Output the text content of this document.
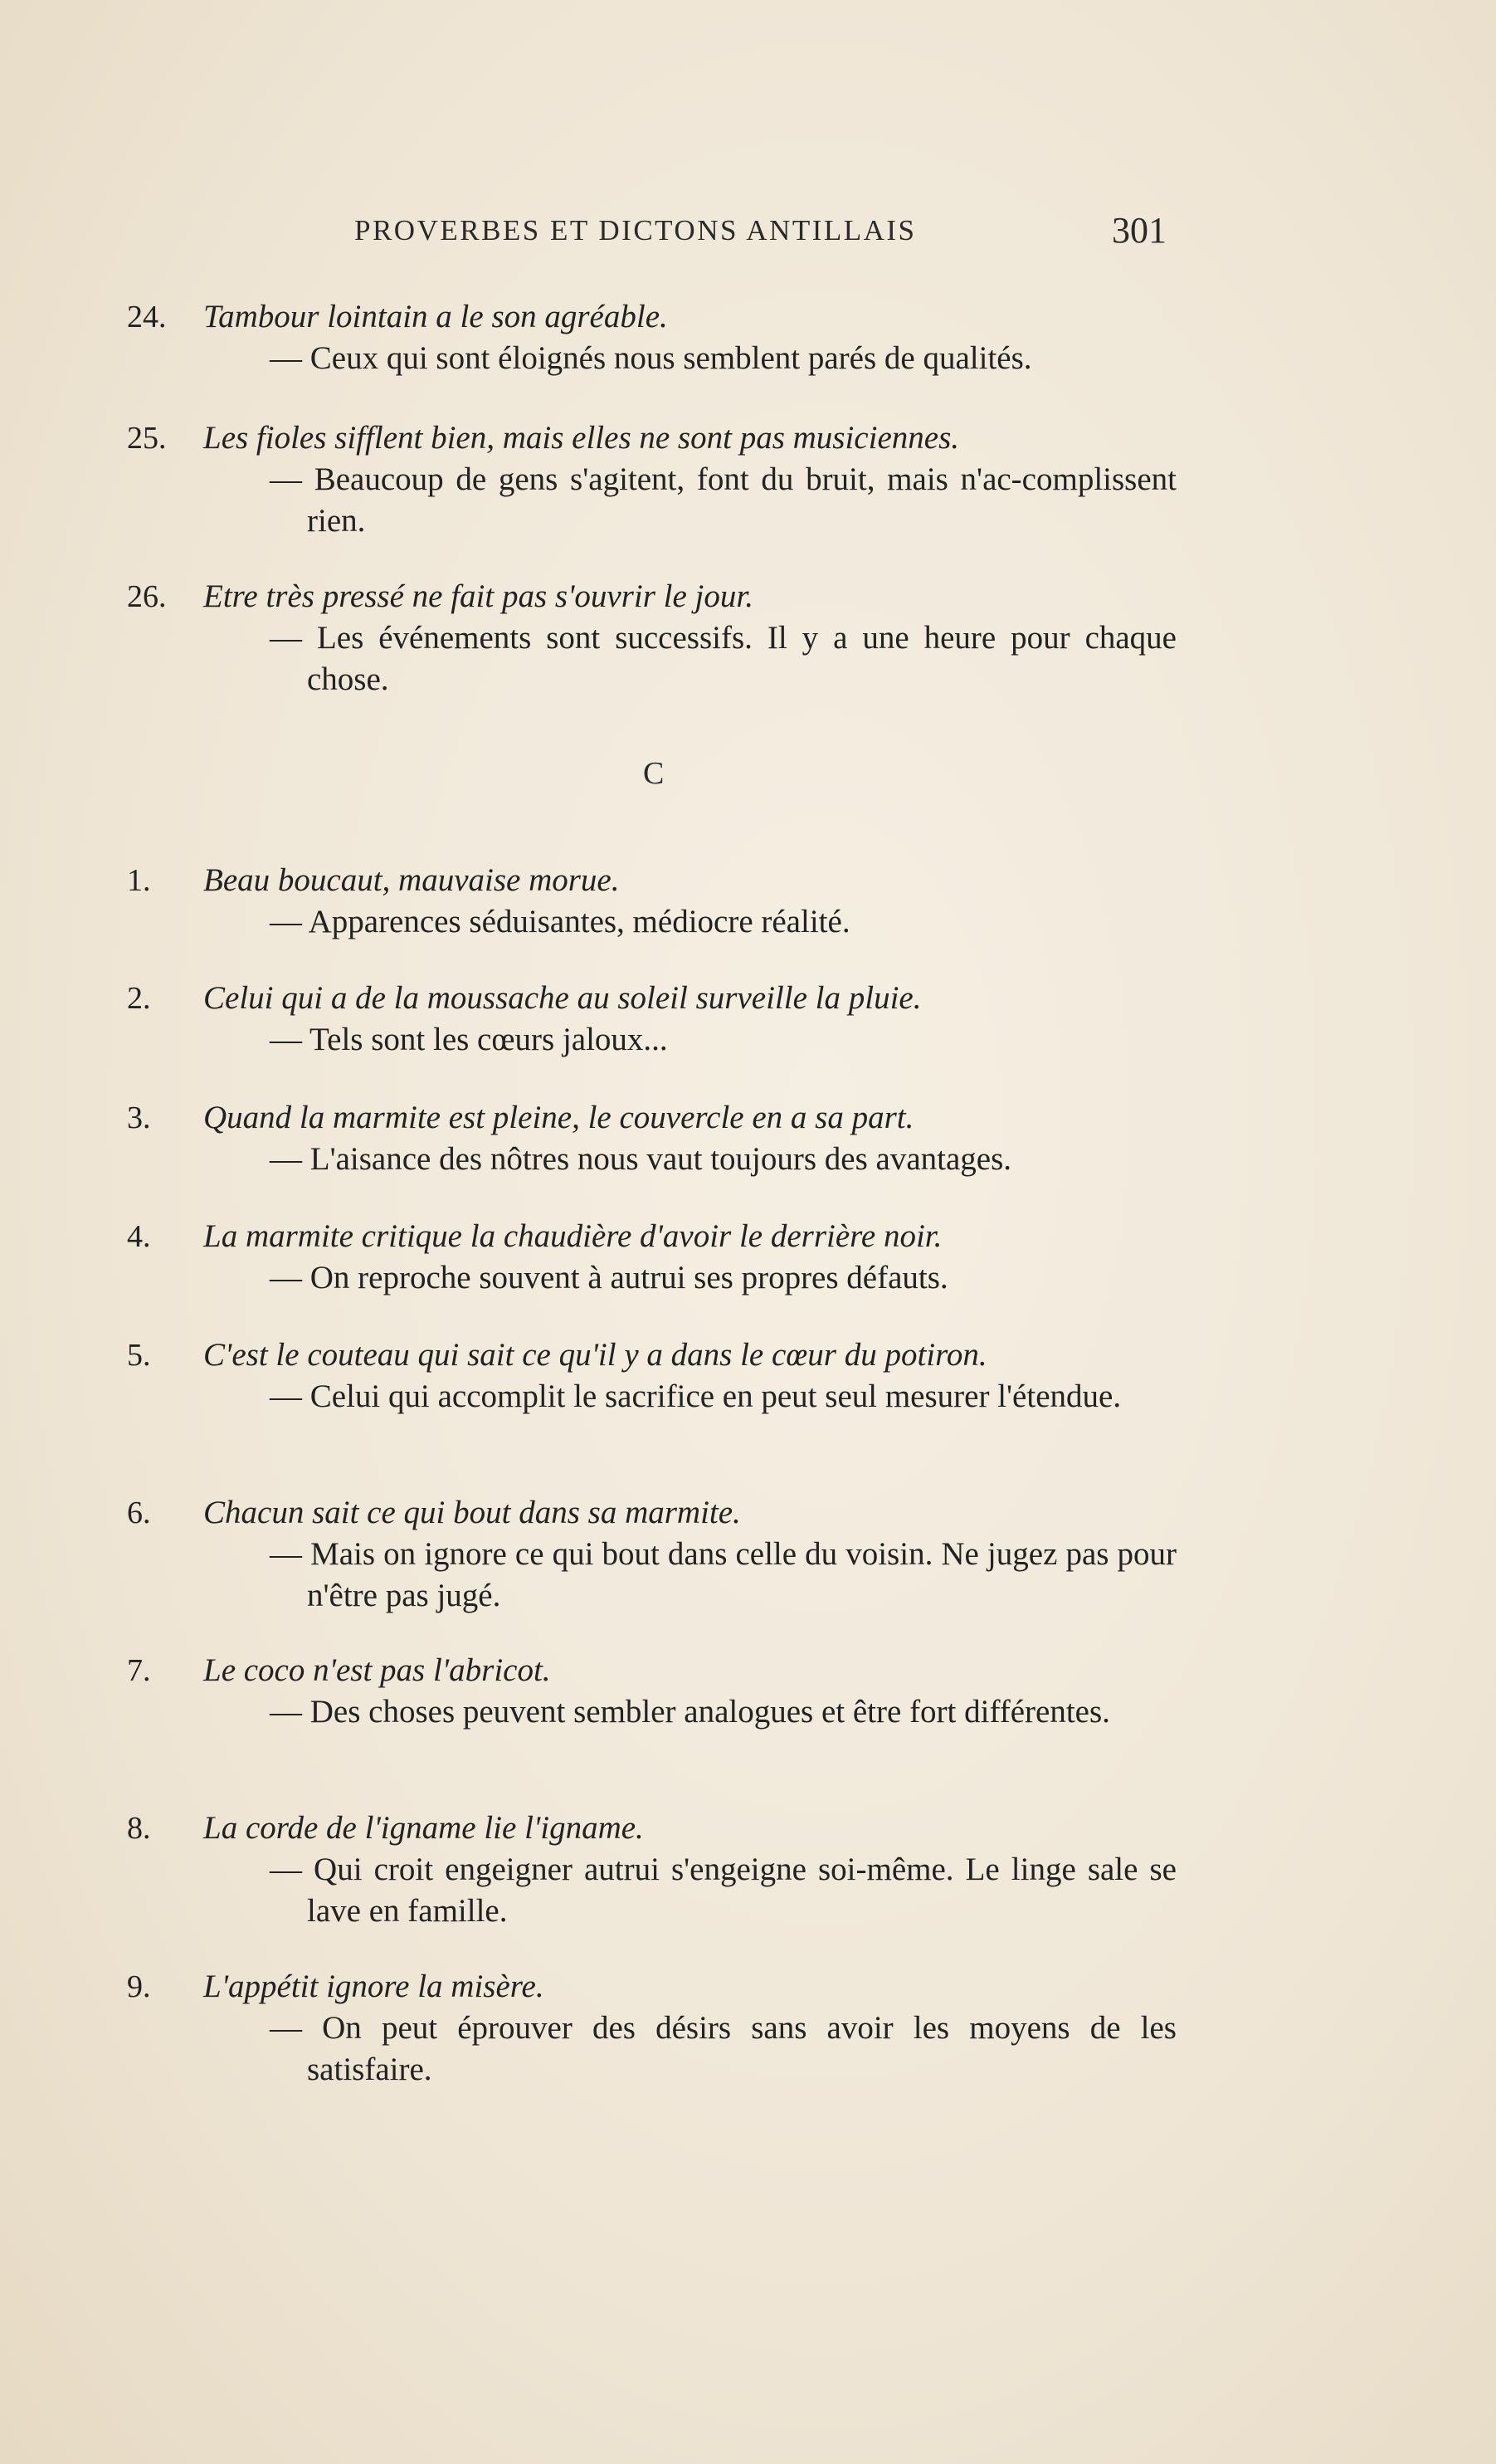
PROVERBES ET DICTONS ANTILLAIS	301
24.	Tambour lointain a le son agréable.
— Ceux qui sont éloignés nous semblent parés de qualités.
25.	Les fioles sifflent bien, mais elles ne sont pas musiciennes.
— Beaucoup de gens s'agitent, font du bruit, mais n'ac-complissent rien.
26.	Etre très pressé ne fait pas s'ouvrir le jour.
— Les événements sont successifs. Il y a une heure pour chaque chose.
C
1.	Beau boucaut, mauvaise morue.
— Apparences séduisantes, médiocre réalité.
2.	Celui qui a de la moussache au soleil surveille la pluie.
— Tels sont les cœurs jaloux...
3.	Quand la marmite est pleine, le couvercle en a sa part.
— L'aisance des nôtres nous vaut toujours des avantages.
4.	La marmite critique la chaudière d'avoir le derrière noir.
— On reproche souvent à autrui ses propres défauts.
5.	C'est le couteau qui sait ce qu'il y a dans le cœur du potiron.
— Celui qui accomplit le sacrifice en peut seul mesurer l'étendue.
6.	Chacun sait ce qui bout dans sa marmite.
— Mais on ignore ce qui bout dans celle du voisin. Ne jugez pas pour n'être pas jugé.
7.	Le coco n'est pas l'abricot.
— Des choses peuvent sembler analogues et être fort différentes.
8.	La corde de l'igname lie l'igname.
— Qui croit engeigner autrui s'engeigne soi-même. Le linge sale se lave en famille.
9.	L'appétit ignore la misère.
— On peut éprouver des désirs sans avoir les moyens de les satisfaire.
